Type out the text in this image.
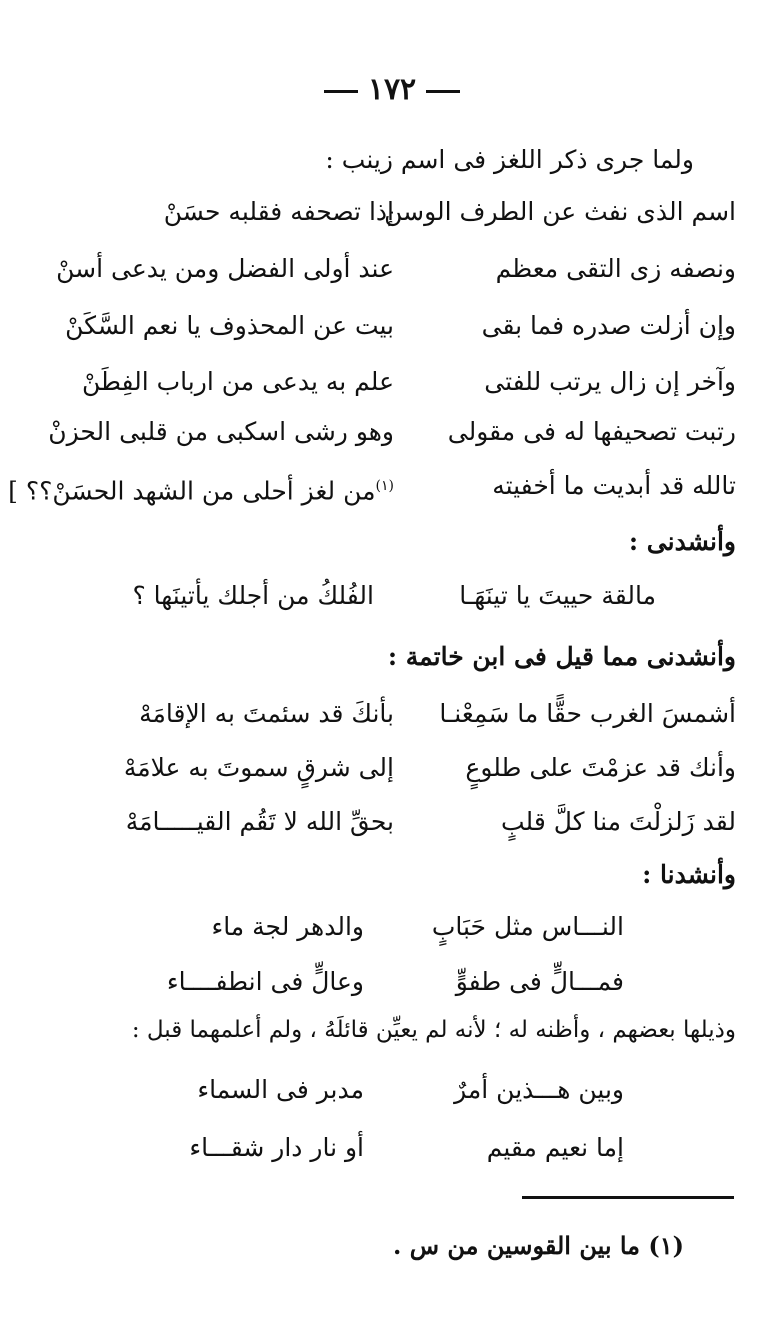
١٧٢
ولما جرى ذكر اللغز فى اسم زينب :
اسم الذى نفث عن الطرف الوسن
إذا تصحفه فقلبه حسَنْ
ونصفه زى التقى معظم
عند أولى الفضل ومن يدعى أسنْ
وإن أزلت صدره فما بقى
بيت عن المحذوف يا نعم السَّكَنْ
وآخر إن زال يرتب للفتى
علم به يدعى من ارباب الفِطَنْ
رتبت تصحيفها له فى مقولى
وهو رشى اسكبى من قلبى الحزنْ
تالله قد أبديت ما أخفيته
$^{(١)}$من لغز أحلى من الشهد الحسَنْ؟؟ ]
وأنشدنى :
مالقة حييتَ يا تينَهَـا
الفُلكُ من أجلك يأتينَها ؟
وأنشدنى مما قيل فى ابن خاتمة :
أشمسَ الغرب حقًّا ما سَمِعْنـا
بأنكَ قد سئمتَ به الإقامَهْ
وأنك قد عزمْتَ على طلوعٍ
إلى شرقٍ سموتَ به علامَهْ
لقد زَلزلْتَ منا كلَّ قلبٍ
بحقِّ الله لا تَقُم القيـــــامَهْ
وأنشدنا :
النـــاس مثل حَبَابٍ
والدهر لجة ماء
فمـــالٍّ فى طفوٍّ
وعالٍّ فى انطفــــاء
وذيلها بعضهم ، وأظنه له ؛ لأنه لم يعيِّن قائلَهُ ، ولم أعلمهما قبل :
وبين هـــذين أمرٌ
مدبر فى السماء
إما نعيم مقيم
أو نار دار شقـــاء
(١) ما بين القوسين من س .
